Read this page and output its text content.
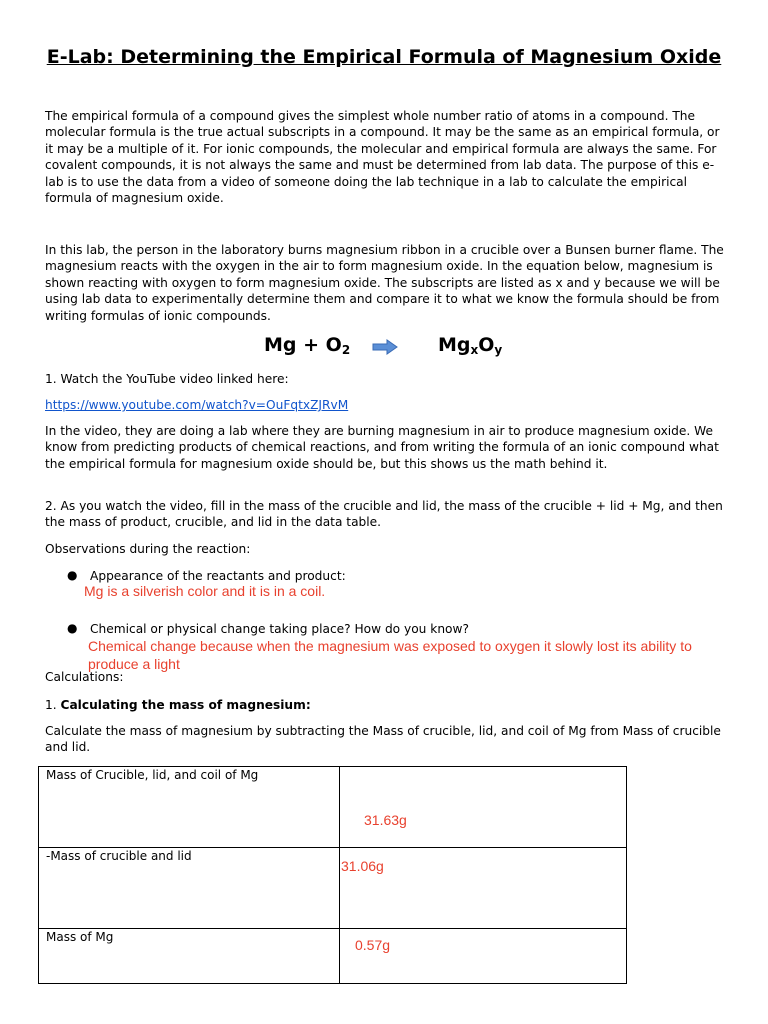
E-Lab: Determining the Empirical Formula of Magnesium Oxide
The empirical formula of a compound gives the simplest whole number ratio of atoms in a compound. The molecular formula is the true actual subscripts in a compound. It may be the same as an empirical formula, or it may be a multiple of it. For ionic compounds, the molecular and empirical formula are always the same. For covalent compounds, it is not always the same and must be determined from lab data. The purpose of this e-lab is to use the data from a video of someone doing the lab technique in a lab to calculate the empirical formula of magnesium oxide.
In this lab, the person in the laboratory burns magnesium ribbon in a crucible over a Bunsen burner flame. The magnesium reacts with the oxygen in the air to form magnesium oxide. In the equation below, magnesium is shown reacting with oxygen to form magnesium oxide. The subscripts are listed as x and y because we will be using lab data to experimentally determine them and compare it to what we know the formula should be from writing formulas of ionic compounds.
$Mg + O_2$	$Mg_xO_y$
1. Watch the YouTube video linked here:
https://www.youtube.com/watch?v=OuFqtxZJRvM
In the video, they are doing a lab where they are burning magnesium in air to produce magnesium oxide. We know from predicting products of chemical reactions, and from writing the formula of an ionic compound what the empirical formula for magnesium oxide should be, but this shows us the math behind it.
2. As you watch the video, fill in the mass of the crucible and lid, the mass of the crucible + lid + Mg, and then the mass of product, crucible, and lid in the data table.
Observations during the reaction:
● Appearance of the reactants and product:
Mg is a silverish color and it is in a coil.
● Chemical or physical change taking place? How do you know?
Chemical change because when the magnesium was exposed to oxygen it slowly lost its ability to produce a light
Calculations:
1. Calculating the mass of magnesium:
Calculate the mass of magnesium by subtracting the Mass of crucible, lid, and coil of Mg from Mass of crucible and lid.
Mass of Crucible, lid, and coil of Mg	31.63g

-Mass of crucible and lid	31.06g

Mass of Mg	0.57g
